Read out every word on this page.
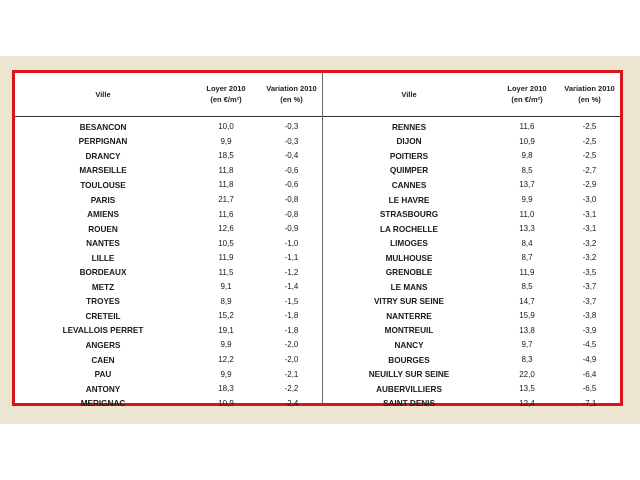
Ville
Loyer 2010
(en €/m²)
Variation 2010
(en %)
BESANCON	10,0	-0,3
PERPIGNAN	9,9	-0,3
DRANCY	18,5	-0,4
MARSEILLE	11,8	-0,6
TOULOUSE	11,8	-0,6
PARIS	21,7	-0,8
AMIENS	11,6	-0,8
ROUEN	12,6	-0,9
NANTES	10,5	-1,0
LILLE	11,9	-1,1
BORDEAUX	11,5	-1,2
METZ	9,1	-1,4
TROYES	8,9	-1,5
CRETEIL	15,2	-1,8
LEVALLOIS PERRET	19,1	-1,8
ANGERS	9,9	-2,0
CAEN	12,2	-2,0
PAU	9,9	-2,1
ANTONY	18,3	-2,2
MERIGNAC	10,9	-2,4
Ville
Loyer 2010
(en €/m²)
Variation 2010
(en %)
RENNES	11,6	-2,5
DIJON	10,9	-2,5
POITIERS	9,8	-2,5
QUIMPER	8,5	-2,7
CANNES	13,7	-2,9
LE HAVRE	9,9	-3,0
STRASBOURG	11,0	-3,1
LA ROCHELLE	13,3	-3,1
LIMOGES	8,4	-3,2
MULHOUSE	8,7	-3,2
GRENOBLE	11,9	-3,5
LE MANS	8,5	-3,7
VITRY SUR SEINE	14,7	-3,7
NANTERRE	15,9	-3,8
MONTREUIL	13,8	-3,9
NANCY	9,7	-4,5
BOURGES	8,3	-4,9
NEUILLY SUR SEINE	22,0	-6,4
AUBERVILLIERS	13,5	-6,5
SAINT DENIS	12,4	-7,1
